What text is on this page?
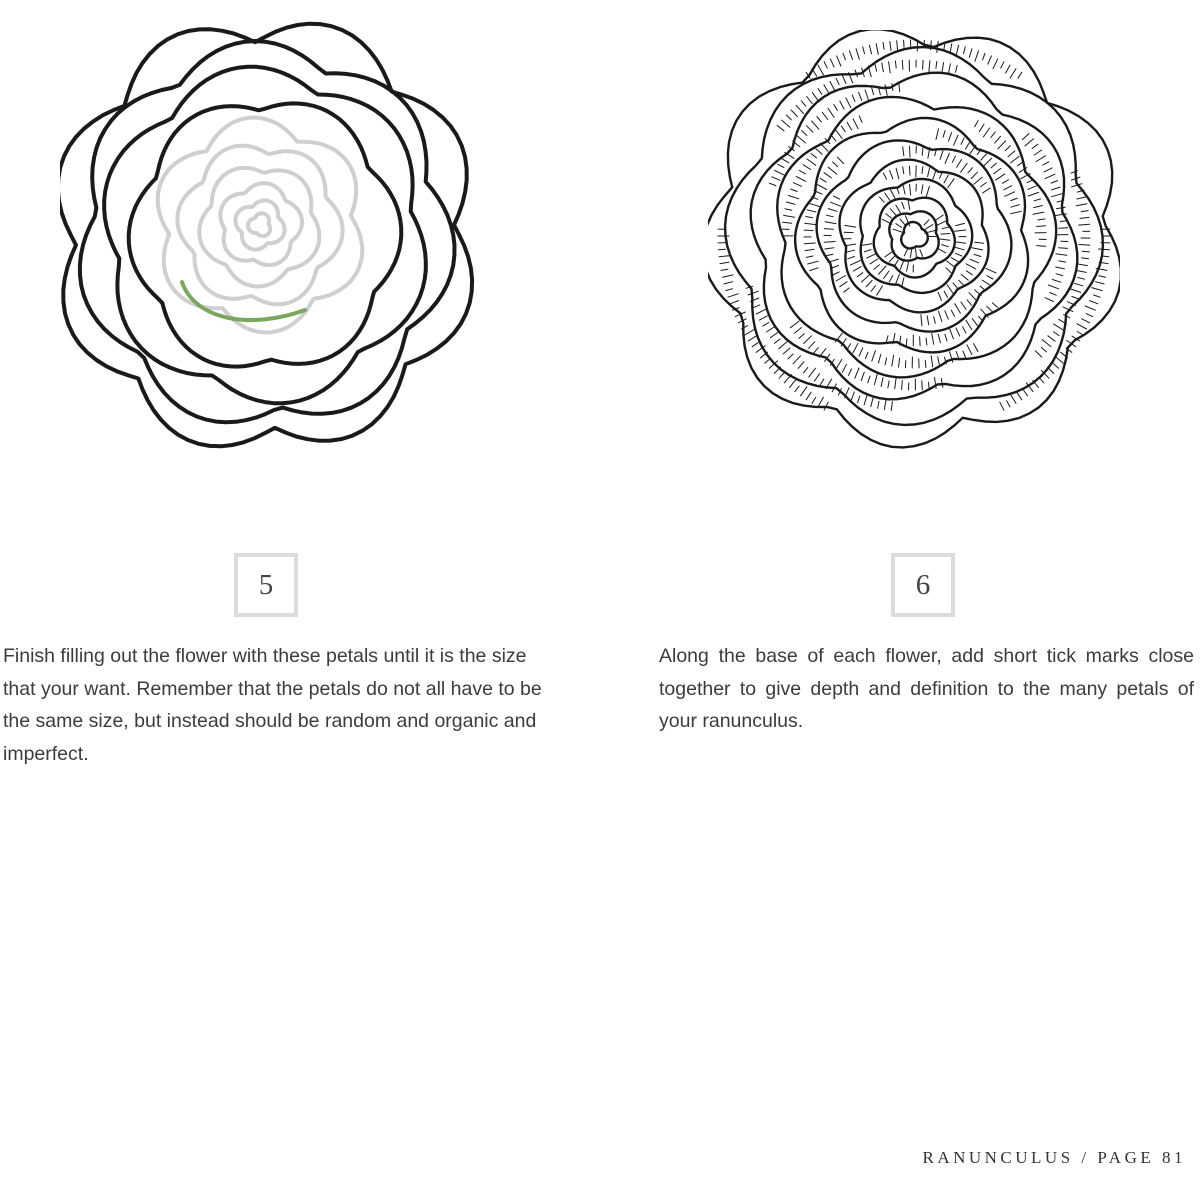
5	6
Finish filling out the flower with these petals until it is the size that your want. Remember that the petals do not all have to be the same size, but instead should be random and organic and imperfect.
Along the base of each flower, add short tick marks close together to give depth and definition to the many petals of your ranunculus.
RANUNCULUS / PAGE 81
